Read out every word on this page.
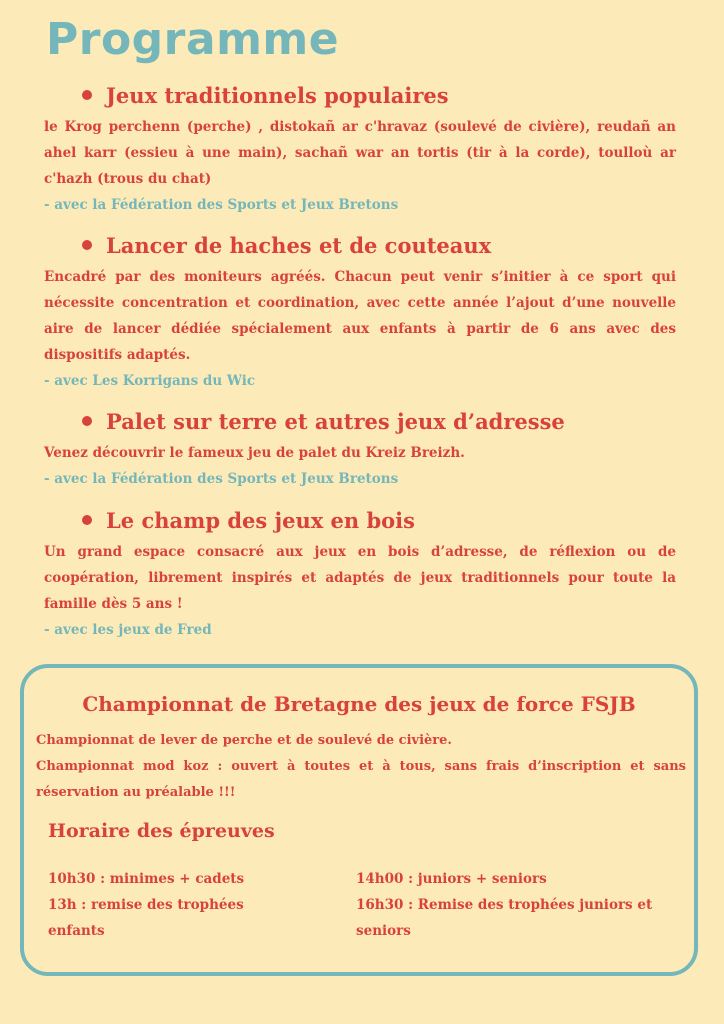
Programme
Jeux traditionnels populaires

le Krog perchenn (perche) , distokañ ar c'hravaz (soulevé de civière), reudañ an ahel karr (essieu à une main), sachañ war an tortis (tir à la corde), toulloù ar c'hazh (trous du chat)

- avec la Fédération des Sports et Jeux Bretons

Lancer de haches et de couteaux

Encadré par des moniteurs agréés. Chacun peut venir s’initier à ce sport qui nécessite concentration et coordination, avec cette année l’ajout d’une nouvelle aire de lancer dédiée spécialement aux enfants à partir de 6 ans avec des dispositifs adaptés.

- avec Les Korrigans du Wic

Palet sur terre et autres jeux d’adresse

Venez découvrir le fameux jeu de palet du Kreiz Breizh.

- avec la Fédération des Sports et Jeux Bretons

Le champ des jeux en bois

Un grand espace consacré aux jeux en bois d’adresse, de réflexion ou de coopération, librement inspirés et adaptés de jeux traditionnels pour toute la famille dès 5 ans !

- avec les jeux de Fred

Championnat de Bretagne des jeux de force FSJB

Championnat de lever de perche et de soulevé de civière.

Championnat mod koz : ouvert à toutes et à tous, sans frais d’inscription et sans réservation au préalable !!!

Horaire des épreuves

10h30 : minimes + cadets

13h : remise des trophées enfants

14h00 : juniors + seniors

16h30 : Remise des trophées juniors et seniors
